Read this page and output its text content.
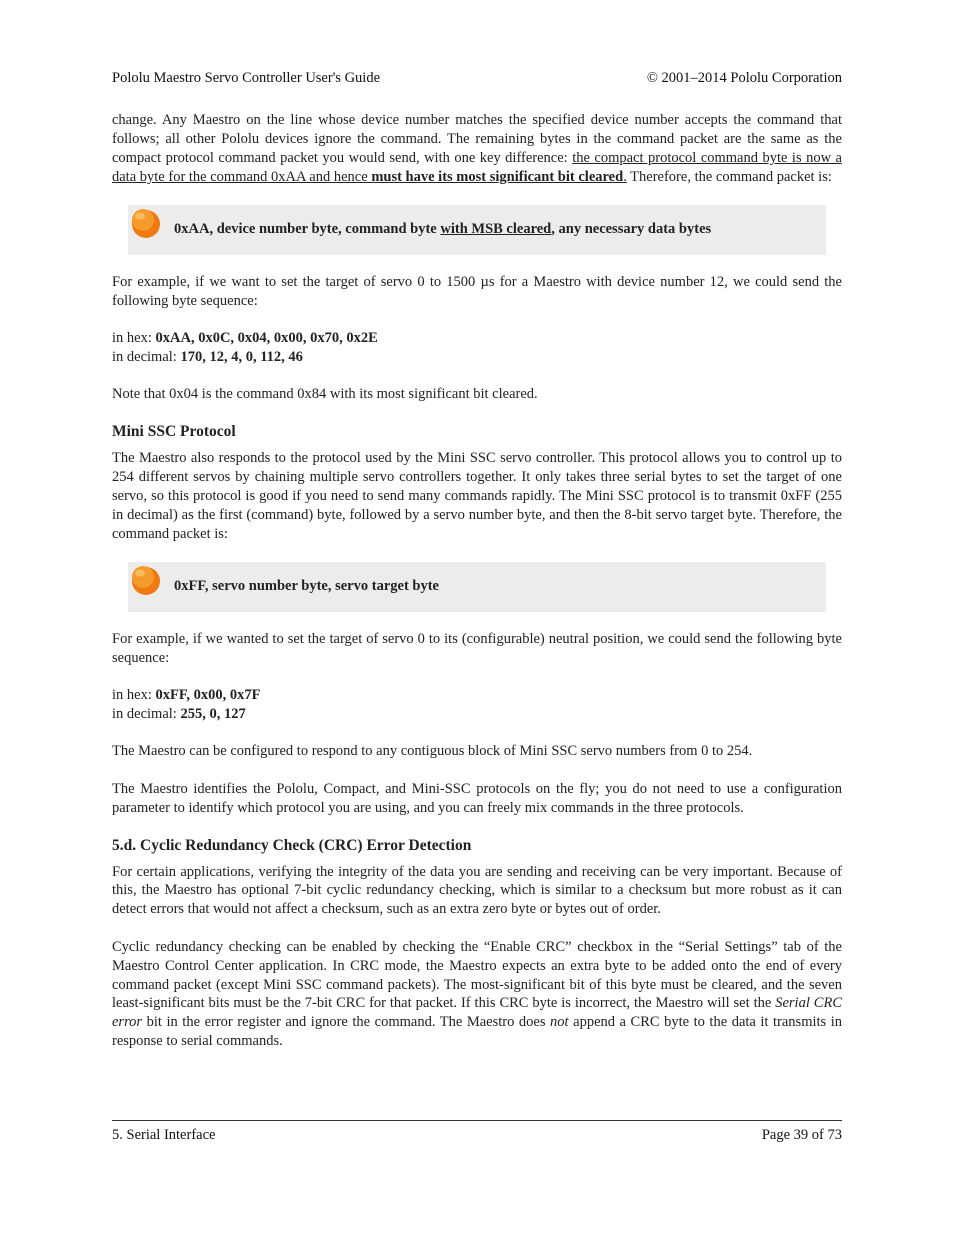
Pololu Maestro Servo Controller User's Guide	© 2001–2014 Pololu Corporation

change. Any Maestro on the line whose device number matches the specified device number accepts the command that follows; all other Pololu devices ignore the command. The remaining bytes in the command packet are the same as the compact protocol command packet you would send, with one key difference: the compact protocol command byte is now a data byte for the command 0xAA and hence must have its most significant bit cleared. Therefore, the command packet is:

0xAA, device number byte, command byte with MSB cleared, any necessary data bytes

For example, if we want to set the target of servo 0 to 1500 µs for a Maestro with device number 12, we could send the following byte sequence:

in hex: 0xAA, 0x0C, 0x04, 0x00, 0x70, 0x2E

in decimal: 170, 12, 4, 0, 112, 46

Note that 0x04 is the command 0x84 with its most significant bit cleared.

Mini SSC Protocol

The Maestro also responds to the protocol used by the Mini SSC servo controller. This protocol allows you to control up to 254 different servos by chaining multiple servo controllers together. It only takes three serial bytes to set the target of one servo, so this protocol is good if you need to send many commands rapidly. The Mini SSC protocol is to transmit 0xFF (255 in decimal) as the first (command) byte, followed by a servo number byte, and then the 8-bit servo target byte. Therefore, the command packet is:

0xFF, servo number byte, servo target byte

For example, if we wanted to set the target of servo 0 to its (configurable) neutral position, we could send the following byte sequence:

in hex: 0xFF, 0x00, 0x7F

in decimal: 255, 0, 127

The Maestro can be configured to respond to any contiguous block of Mini SSC servo numbers from 0 to 254.

The Maestro identifies the Pololu, Compact, and Mini-SSC protocols on the fly; you do not need to use a configuration parameter to identify which protocol you are using, and you can freely mix commands in the three protocols.

5.d. Cyclic Redundancy Check (CRC) Error Detection

For certain applications, verifying the integrity of the data you are sending and receiving can be very important. Because of this, the Maestro has optional 7-bit cyclic redundancy checking, which is similar to a checksum but more robust as it can detect errors that would not affect a checksum, such as an extra zero byte or bytes out of order.

Cyclic redundancy checking can be enabled by checking the “Enable CRC” checkbox in the “Serial Settings” tab of the Maestro Control Center application. In CRC mode, the Maestro expects an extra byte to be added onto the end of every command packet (except Mini SSC command packets). The most-significant bit of this byte must be cleared, and the seven least-significant bits must be the 7-bit CRC for that packet. If this CRC byte is incorrect, the Maestro will set the Serial CRC error bit in the error register and ignore the command. The Maestro does not append a CRC byte to the data it transmits in response to serial commands.

5. Serial Interface	Page 39 of 73
